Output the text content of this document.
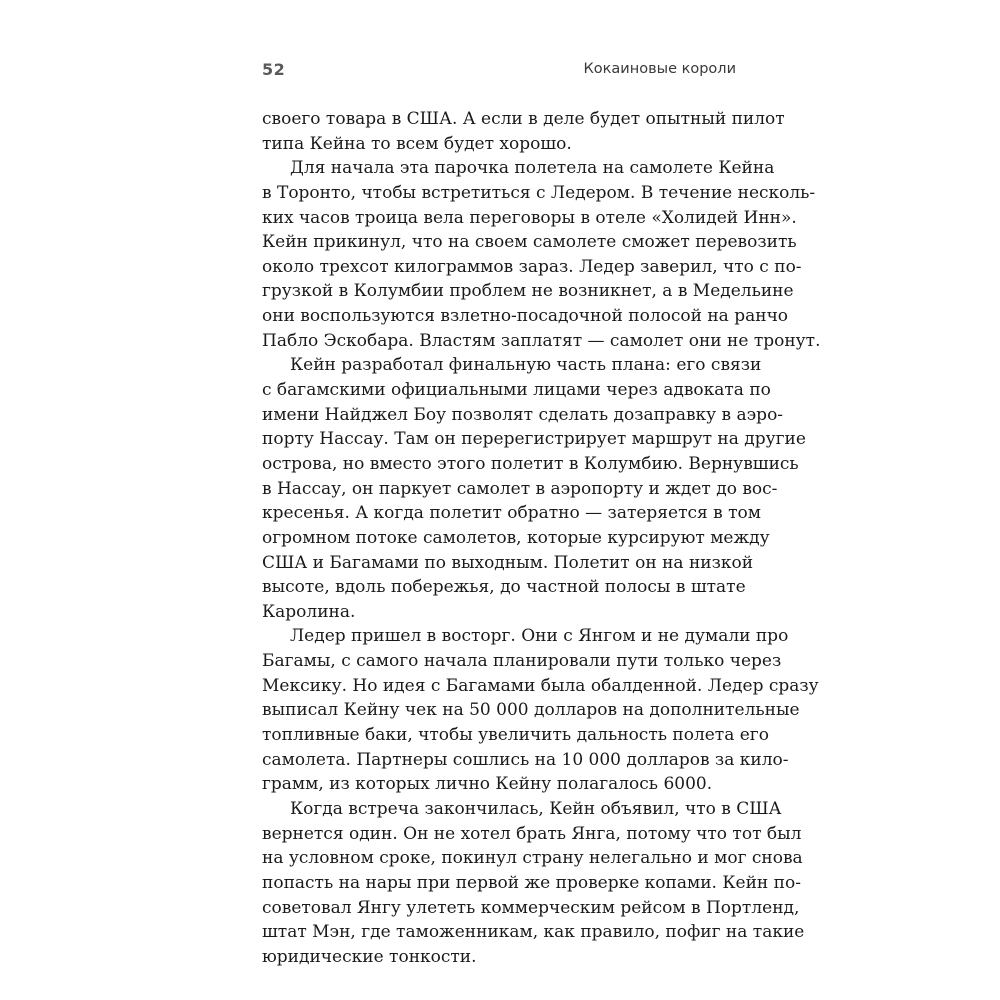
52	Кокаиновые короли
своего товара в США. А если в деле будет опытный пилот
типа Кейна то всем будет хорошо.
Для начала эта парочка полетела на самолете Кейна
в Торонто, чтобы встретиться с Ледером. В течение несколь-
ких часов троица вела переговоры в отеле «Холидей Инн».
Кейн прикинул, что на своем самолете сможет перевозить
около трехсот килограммов зараз. Ледер заверил, что с по-
грузкой в Колумбии проблем не возникнет, а в Медельине
они воспользуются взлетно-посадочной полосой на ранчо
Пабло Эскобара. Властям заплатят — самолет они не тронут.
Кейн разработал финальную часть плана: его связи
с багамскими официальными лицами через адвоката по
имени Найджел Боу позволят сделать дозаправку в аэро-
порту Нассау. Там он перерегистрирует маршрут на другие
острова, но вместо этого полетит в Колумбию. Вернувшись
в Нассау, он паркует самолет в аэропорту и ждет до вос-
кресенья. А когда полетит обратно — затеряется в том
огромном потоке самолетов, которые курсируют между
США и Багамами по выходным. Полетит он на низкой
высоте, вдоль побережья, до частной полосы в штате
Каролина.
Ледер пришел в восторг. Они с Янгом и не думали про
Багамы, с самого начала планировали пути только через
Мексику. Но идея с Багамами была обалденной. Ледер сразу
выписал Кейну чек на 50 000 долларов на дополнительные
топливные баки, чтобы увеличить дальность полета его
самолета. Партнеры сошлись на 10 000 долларов за кило-
грамм, из которых лично Кейну полагалось 6000.
Когда встреча закончилась, Кейн объявил, что в США
вернется один. Он не хотел брать Янга, потому что тот был
на условном сроке, покинул страну нелегально и мог снова
попасть на нары при первой же проверке копами. Кейн по-
советовал Янгу улететь коммерческим рейсом в Портленд,
штат Мэн, где таможенникам, как правило, пофиг на такие
юридические тонкости.
